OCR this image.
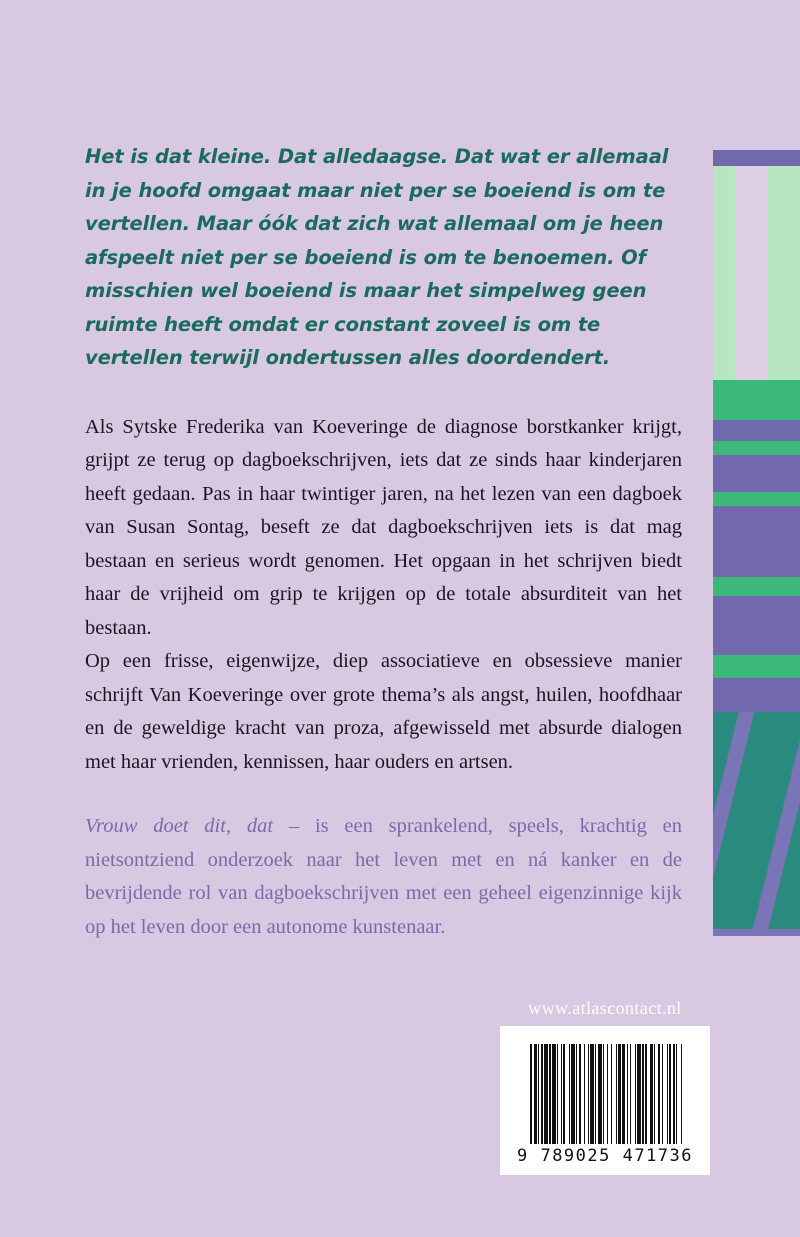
Het is dat kleine. Dat alledaagse. Dat wat er allemaal in je hoofd omgaat maar niet per se boeiend is om te vertellen. Maar óók dat zich wat allemaal om je heen afspeelt niet per se boeiend is om te benoemen. Of misschien wel boeiend is maar het simpelweg geen ruimte heeft omdat er constant zoveel is om te vertellen terwijl ondertussen alles doordendert.

Als Sytske Frederika van Koeveringe de diagnose borstkanker krijgt, grijpt ze terug op dagboekschrijven, iets dat ze sinds haar kinderjaren heeft gedaan. Pas in haar twintiger jaren, na het lezen van een dagboek van Susan Sontag, beseft ze dat dagboekschrijven iets is dat mag bestaan en serieus wordt genomen. Het opgaan in het schrijven biedt haar de vrijheid om grip te krijgen op de totale absurditeit van het bestaan.

Op een frisse, eigenwijze, diep associatieve en obsessieve manier schrijft Van Koeveringe over grote thema’s als angst, huilen, hoofdhaar en de geweldige kracht van proza, afgewisseld met absurde dialogen met haar vrienden, kennissen, haar ouders en artsen.

Vrouw doet dit, dat – is een sprankelend, speels, krachtig en nietsontziend onderzoek naar het leven met en ná kanker en de bevrijdende rol van dagboekschrijven met een geheel eigenzinnige kijk op het leven door een autonome kunstenaar.
www.atlascontact.nl
9 789025 471736
